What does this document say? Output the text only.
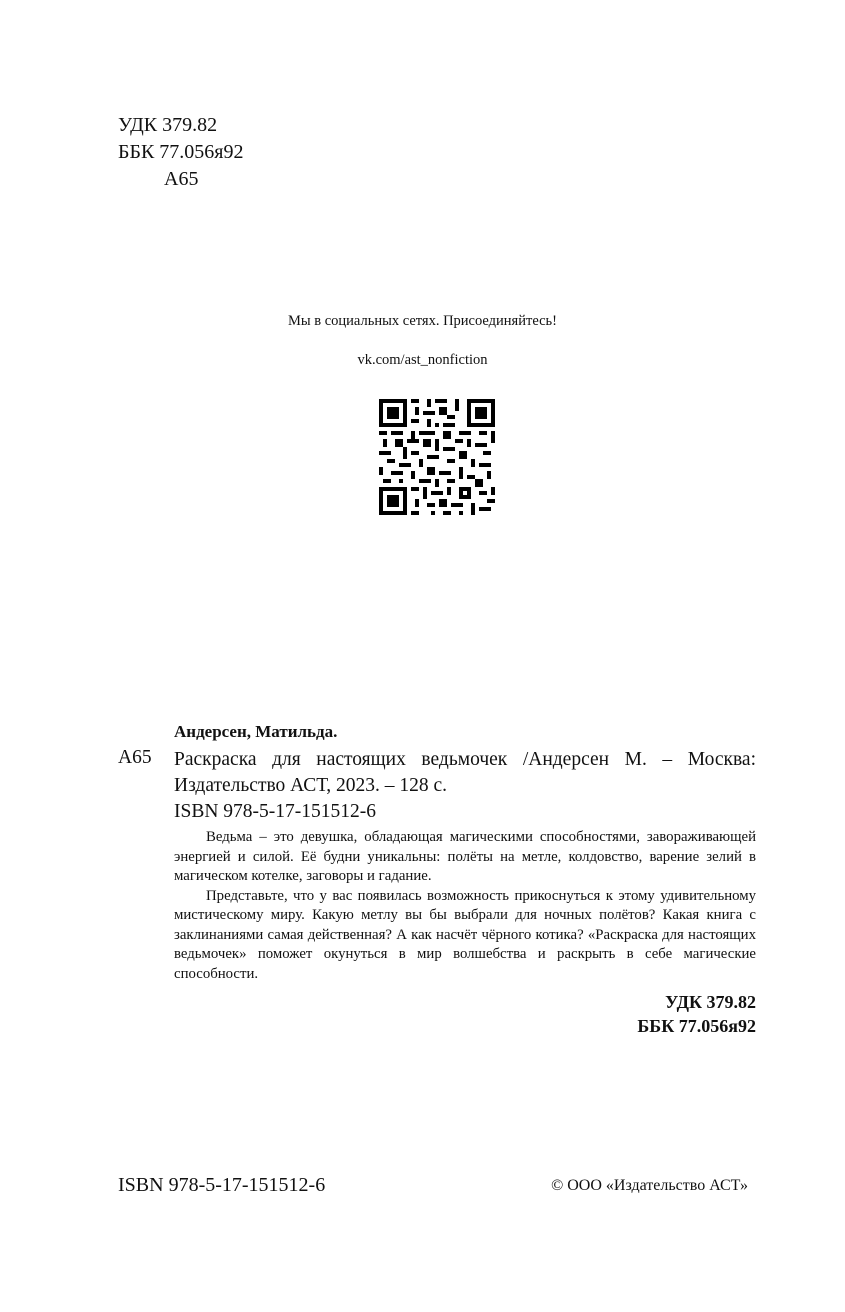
УДК 379.82
ББК 77.056я92
А65
Мы в социальных сетях. Присоединяйтесь!
vk.com/ast_nonfiction
Андерсен, Матильда.
А65 Раскраска для настоящих ведьмочек /Андерсен М. – Москва: Издательство АСТ, 2023. – 128 с.
ISBN 978-5-17-151512-6

Ведьма – это девушка, обладающая магическими способностями, завораживающей энергией и силой. Её будни уникальны: полёты на метле, колдовство, варение зелий в магическом котелке, заговоры и гадание.

Представьте, что у вас появилась возможность прикоснуться к этому удивительному мистическому миру. Какую метлу вы бы выбрали для ночных полётов? Какая книга с заклинаниями самая действенная? А как насчёт чёрного котика? «Раскраска для настоящих ведьмочек» поможет окунуться в мир волшебства и раскрыть в себе магические способности.

УДК 379.82
ББК 77.056я92
ISBN 978-5-17-151512-6	© ООО «Издательство АСТ»
